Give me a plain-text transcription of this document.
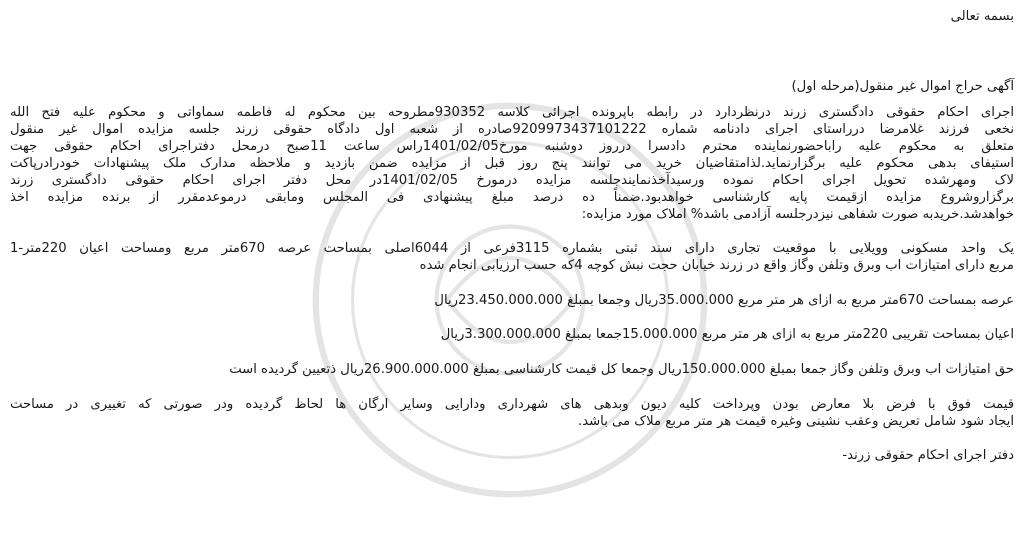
بسمه تعالی
آگهی حراج اموال غیر منقول(مرحله اول)
اجرای احکام حقوقی دادگستری زرند درنظردارد در رابطه باپرونده اجرائی کلاسه 930352مطروحه بین محکوم له فاطمه سماواتی و محکوم علیه فتح الله
نخعی فرزند غلامرضا درراستای اجرای دادنامه شماره 9209973437101222صادره از شعبه اول دادگاه حقوقی زرند جلسه مزایده اموال غیر منقول
متعلق به محکوم علیه راباحضورنماینده محترم دادسرا درروز دوشنبه مورخ1401/02/05راس ساعت 11صبح درمحل دفتراجرای احکام حقوقی جهت
استیفای بدهی محکوم علیه برگزارنماید.لذامتقاضیان خرید می توانند پنج روز قبل از مزایده ضمن بازدید و ملاحظه مدارک ملک پیشنهادات خودرادرپاکت
لاک ومهرشده تحویل اجرای احکام نموده ورسیدآخذنمایندجلسه مزایده درمورخ 1401/02/05در محل دفتر اجرای احکام حقوقی دادگستری زرند
برگزاروشروع مزایده ازقیمت پایه کارشناسی خواهدبود.ضمناً ده درصد مبلغ پیشنهادی فی المجلس ومابقی درموعدمقرر از برنده مزایده اخذ
خواهدشد.خریدبه صورت شفاهی نیزدرجلسه آزادمی باشد% املاک مورد مزایده:
یک واحد مسکونی وویلایی با موقعیت تجاری دارای سند ثبتی بشماره 3115فرعی از 6044اصلی بمساحت عرصه 670متر مربع ومساحت اعیان 220متر-1
مربع دارای امتیازات اب وبرق وتلفن وگاز واقع در زرند خیابان حجت نبش کوچه 4که حسب ارزیابی انجام شده
عرصه بمساحت 670متر مربع به ازای هر متر مربع 35.000.000ریال وجمعا بمبلغ 23.450.000.000ریال
اعیان بمساحت تقریبی 220متر مربع به ازای هر متر مربع 15.000.000جمعا بمبلغ 3.300.000.000ریال
حق امتیازات اب وبرق وتلفن وگاز جمعا بمبلغ 150.000.000ریال وجمعا کل قیمت کارشناسی بمبلغ 26.900.000.000ریال ذتعیین گردیده است
قیمت فوق با فرض بلا معارض بودن وپرداخت کلیه دیون وبدهی های شهرداری ودارایی وسایر ارگان ها لحاظ گردیده ودر صورتی که تغییری در مساحت
ایجاد شود شامل تعریض وعقب نشینی وغیره قیمت هر متر مربع ملاک می باشد.
دفتر اجرای احکام حقوقی زرند-
